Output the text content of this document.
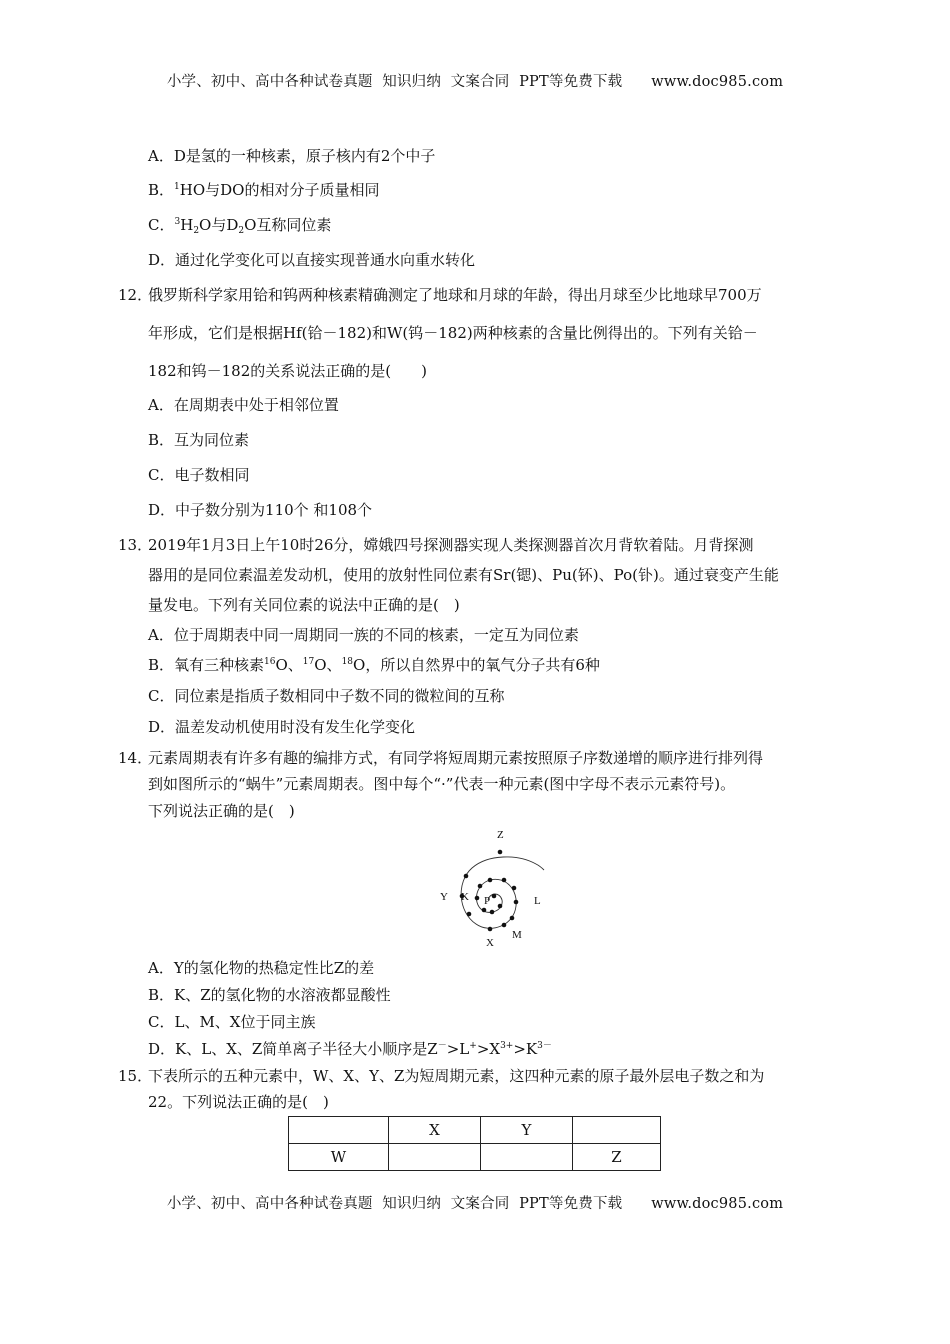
小学、初中、高中各种试卷真题  知识归纳  文案合同  PPT等免费下载      www.doc985.com
A．D是氢的一种核素，原子核内有2个中子
B．$^1$HO与DO的相对分子质量相同
C．$^3H_2O$与$D_2O$互称同位素
D．通过化学变化可以直接实现普通水向重水转化
12．
俄罗斯科学家用铪和钨两种核素精确测定了地球和月球的年龄，得出月球至少比地球早700万
年形成，它们是根据Hf(铪－182)和W(钨－182)两种核素的含量比例得出的。下列有关铪－
182和钨－182的关系说法正确的是(　　)
A．在周期表中处于相邻位置
B．互为同位素
C．电子数相同
D．中子数分别为110个 和108个
13．
2019年1月3日上午10时26分，嫦娥四号探测器实现人类探测器首次月背软着陆。月背探测
器用的是同位素温差发动机，使用的放射性同位素有Sr(锶)、Pu(钚)、Po(钋)。通过衰变产生能
量发电。下列有关同位素的说法中正确的是(　)
A．位于周期表中同一周期同一族的不同的核素，一定互为同位素
B．氧有三种核素$^{16}$O、$^{17}$O、$^{18}$O，所以自然界中的氧气分子共有6种
C．同位素是指质子数相同中子数不同的微粒间的互称
D．温差发动机使用时没有发生化学变化
14．
元素周期表有许多有趣的编排方式，有同学将短周期元素按照原子序数递增的顺序进行排列得
到如图所示的“蜗牛”元素周期表。图中每个“·”代表一种元素(图中字母不表示元素符号)。
下列说法正确的是(　)
Z
Y K P	L
M
X
A．Y的氢化物的热稳定性比Z的差
B．K、Z的氢化物的水溶液都显酸性
C．L、M、X位于同主族
D．K、L、X、Z简单离子半径大小顺序是$Z^->L^+>X^{3+}>K^{3-}$
15．
下表所示的五种元素中，W、X、Y、Z为短周期元素，这四种元素的原子最外层电子数之和为
22。下列说法正确的是(　)
	X	Y	
W			Z
小学、初中、高中各种试卷真题  知识归纳  文案合同  PPT等免费下载      www.doc985.com
